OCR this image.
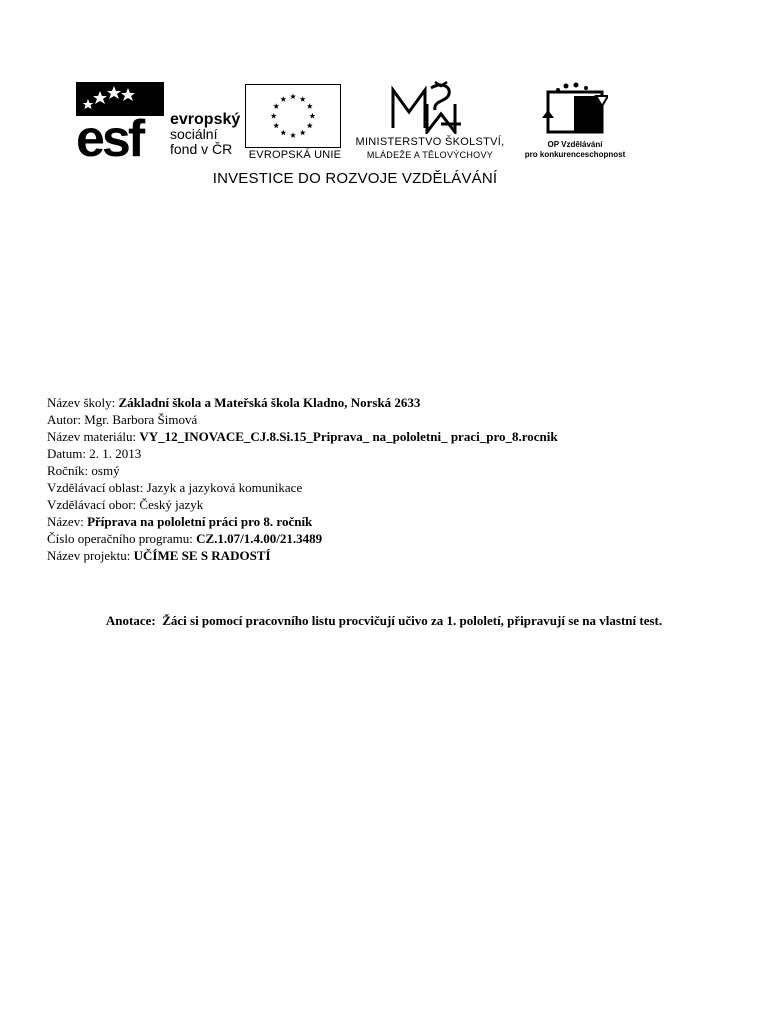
esf evropský
sociální
fond v ČR	EVROPSKÁ UNIE
MINISTERSTVO ŠKOLSTVÍ,
MLÁDEŽE A TĚLOVÝCHOVY
OP Vzdělávání
pro konkurenceschopnost
INVESTICE DO ROZVOJE VZDĚLÁVÁNÍ
Název školy: Základní škola a Mateřská škola Kladno, Norská 2633
Autor: Mgr. Barbora Šimová
Název materiálu: VY_12_INOVACE_CJ.8.Si.15_Priprava_ na_pololetni_ praci_pro_8.rocnik
Datum: 2. 1. 2013
Ročník: osmý
Vzdělávací oblast: Jazyk a jazyková komunikace
Vzdělávací obor: Český jazyk
Název: Příprava na pololetní práci pro 8. ročník
Číslo operačního programu: CZ.1.07/1.4.00/21.3489
Název projektu: UČÍME SE S RADOSTÍ
Anotace: Žáci si pomocí pracovního listu procvičují učivo za 1. pololetí, připravují se na vlastní test.
